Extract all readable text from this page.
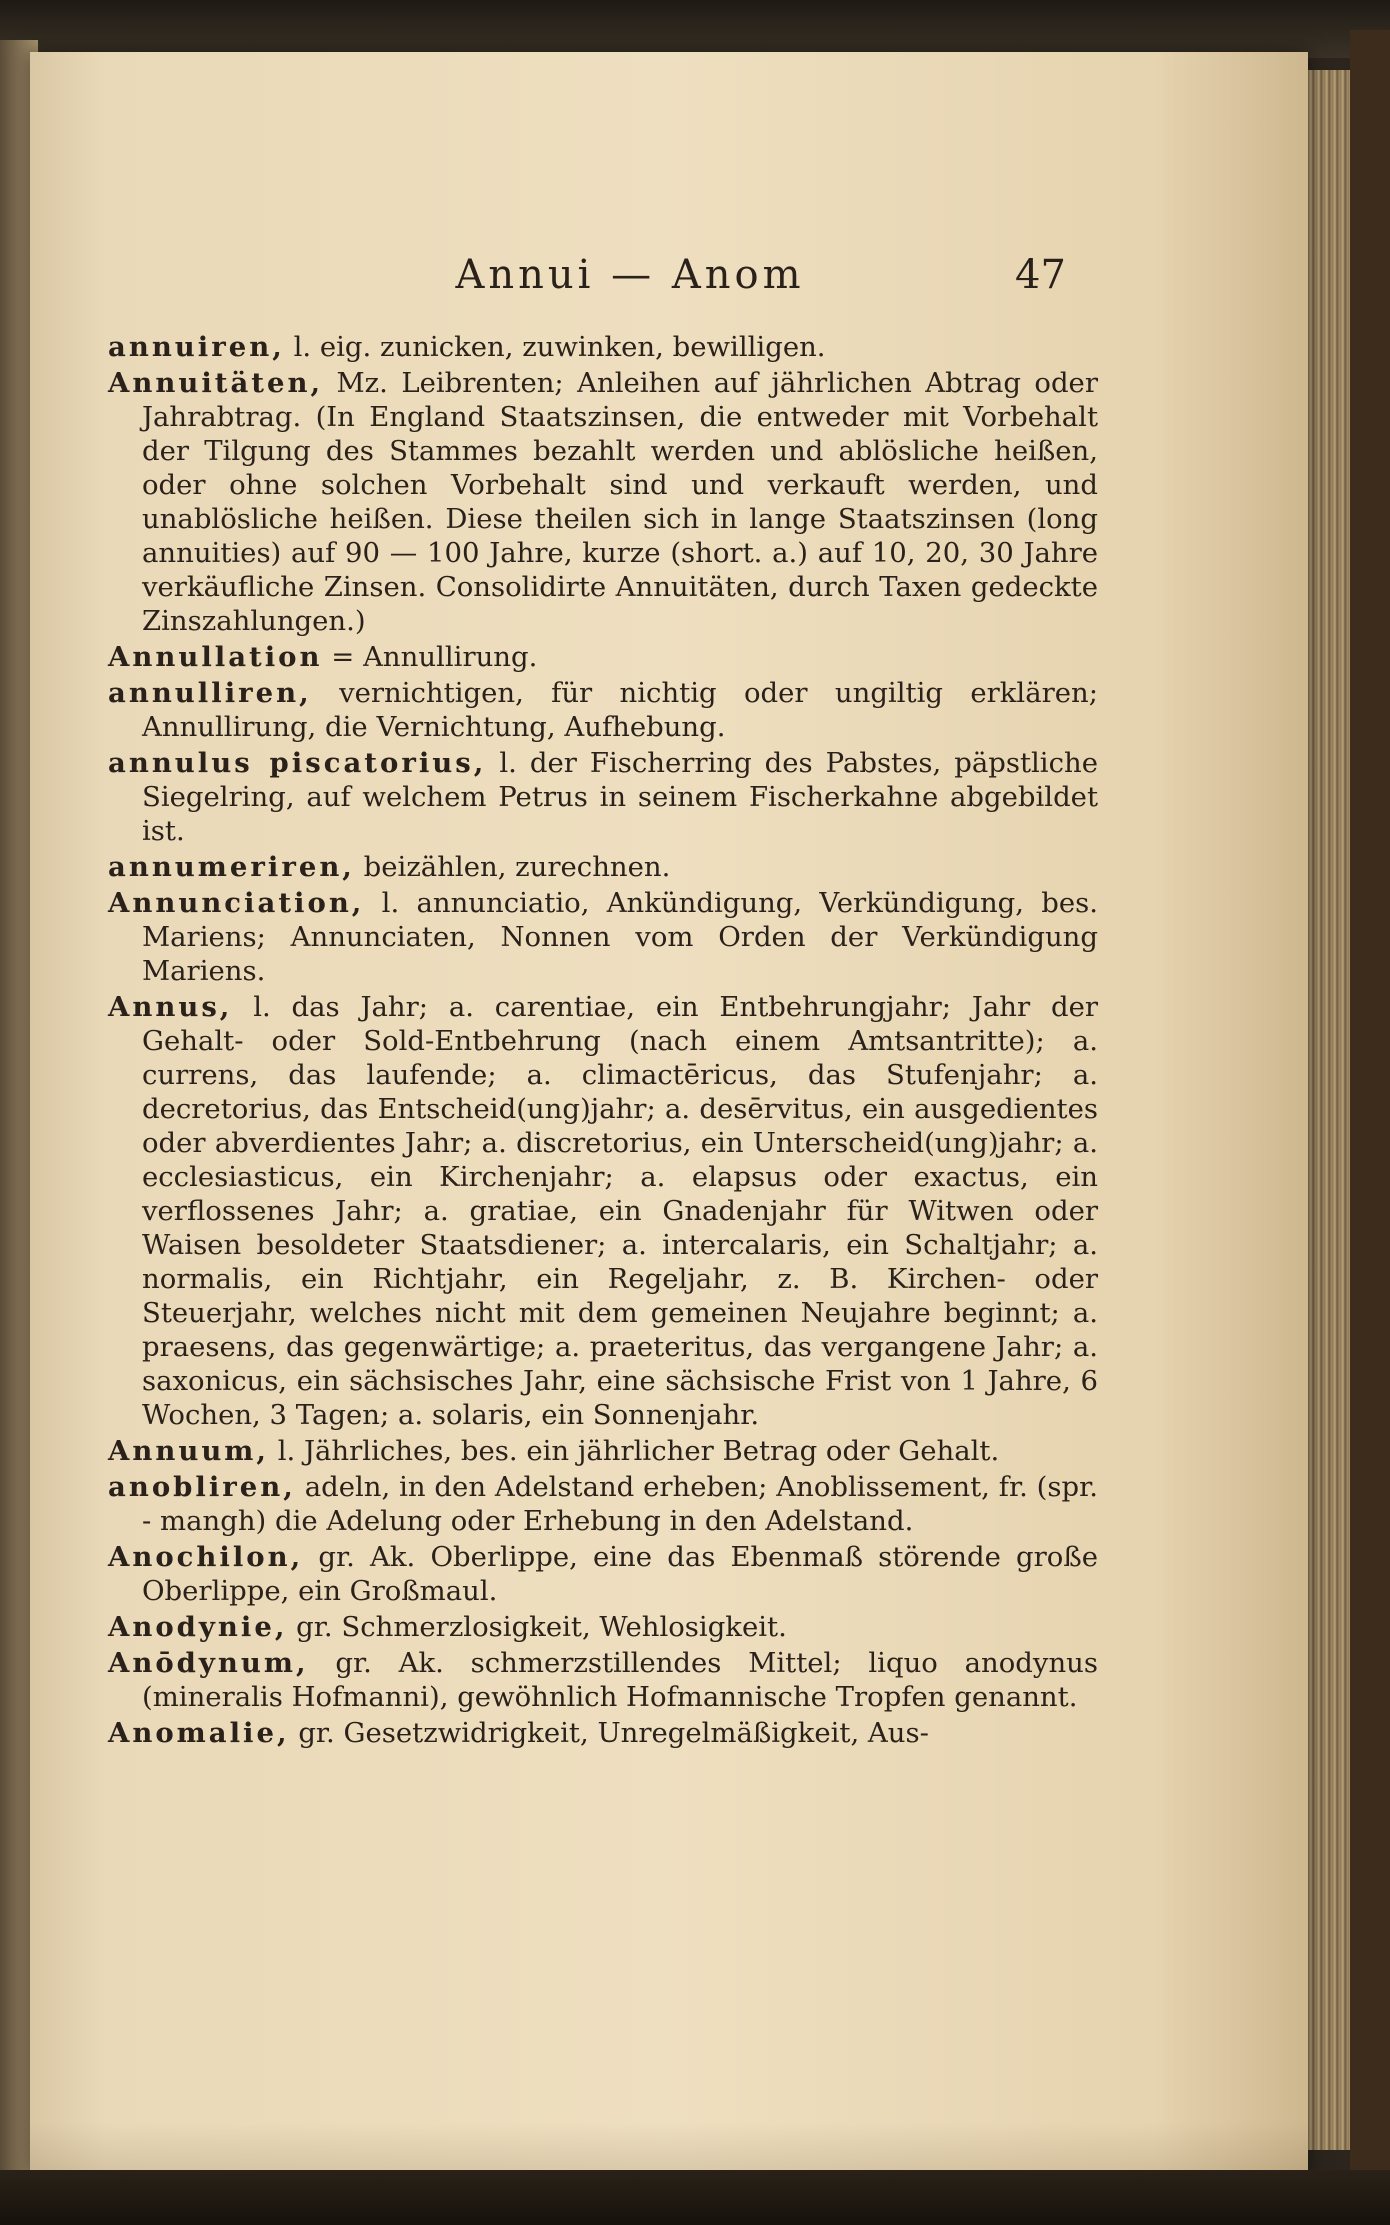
Annui — Anom	47

annuiren, l. eig. zunicken, zuwinken, bewilligen.

Annuitäten, Mz. Leibrenten; Anleihen auf jährlichen Abtrag oder Jahrabtrag. (In England Staatszinsen, die entweder mit Vorbehalt der Tilgung des Stammes bezahlt werden und ablösliche heißen, oder ohne solchen Vorbehalt sind und verkauft werden, und unablösliche heißen. Diese theilen sich in lange Staatszinsen (long annuities) auf 90 — 100 Jahre, kurze (short. a.) auf 10, 20, 30 Jahre verkäufliche Zinsen. Consolidirte Annuitäten, durch Taxen gedeckte Zinszahlungen.)

Annullation = Annullirung.

annulliren, vernichtigen, für nichtig oder ungiltig erklären; Annullirung, die Vernichtung, Aufhebung.

annulus piscatorius, l. der Fischerring des Pabstes, päpstliche Siegelring, auf welchem Petrus in seinem Fischerkahne abgebildet ist.

annumeriren, beizählen, zurechnen.

Annunciation, l. annunciatio, Ankündigung, Verkündigung, bes. Mariens; Annunciaten, Nonnen vom Orden der Verkündigung Mariens.

Annus, l. das Jahr; a. carentiae, ein Entbehrungjahr; Jahr der Gehalt- oder Sold-Entbehrung (nach einem Amtsantritte); a. currens, das laufende; a. climactēricus, das Stufenjahr; a. decretorius, das Entscheid(ung)jahr; a. desērvitus, ein ausgedientes oder abverdientes Jahr; a. discretorius, ein Unterscheid(ung)jahr; a. ecclesiasticus, ein Kirchenjahr; a. elapsus oder exactus, ein verflossenes Jahr; a. gratiae, ein Gnadenjahr für Witwen oder Waisen besoldeter Staatsdiener; a. intercalaris, ein Schaltjahr; a. normalis, ein Richtjahr, ein Regeljahr, z. B. Kirchen- oder Steuerjahr, welches nicht mit dem gemeinen Neujahre beginnt; a. praesens, das gegenwärtige; a. praeteritus, das vergangene Jahr; a. saxonicus, ein sächsisches Jahr, eine sächsische Frist von 1 Jahre, 6 Wochen, 3 Tagen; a. solaris, ein Sonnenjahr.

Annuum, l. Jährliches, bes. ein jährlicher Betrag oder Gehalt.

anobliren, adeln, in den Adelstand erheben; Anoblissement, fr. (spr. - mangh) die Adelung oder Erhebung in den Adelstand.

Anochilon, gr. Ak. Oberlippe, eine das Ebenmaß störende große Oberlippe, ein Großmaul.

Anodynie, gr. Schmerzlosigkeit, Wehlosigkeit.

Anōdynum, gr. Ak. schmerzstillendes Mittel; liquo anodynus (mineralis Hofmanni), gewöhnlich Hofmannische Tropfen genannt.

Anomalie, gr. Gesetzwidrigkeit, Unregelmäßigkeit, Aus-
